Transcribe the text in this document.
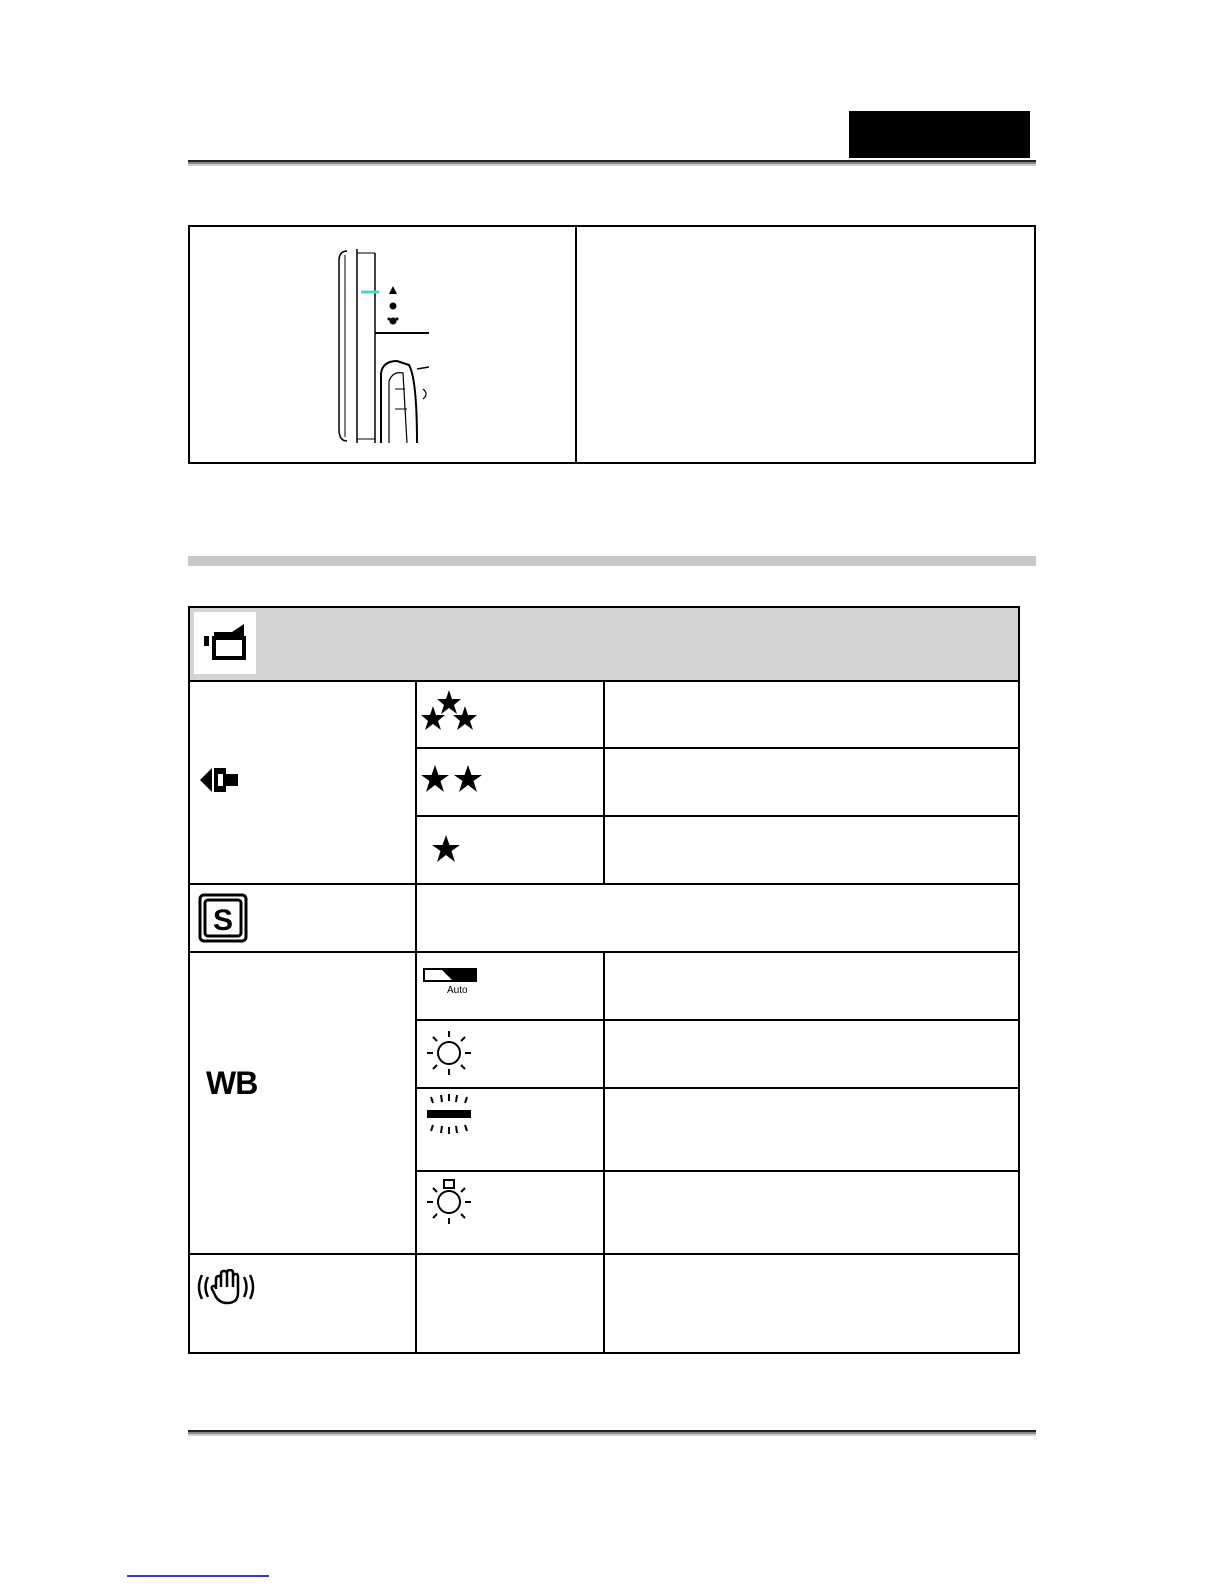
S
WB
Auto
